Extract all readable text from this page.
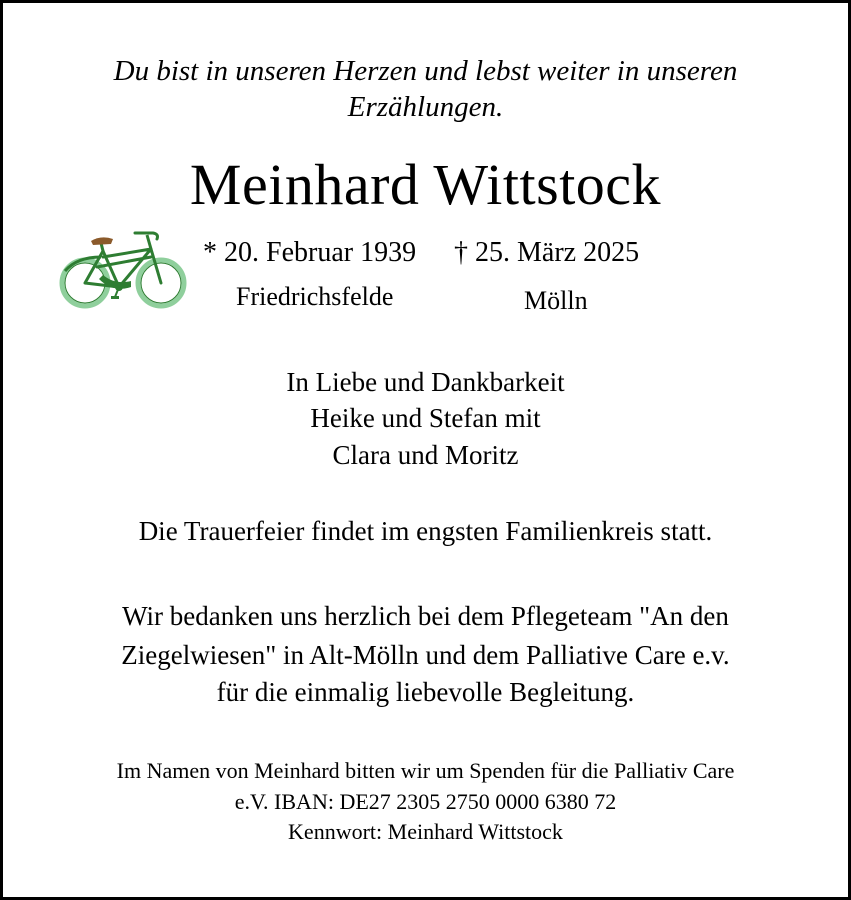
Du bist in unseren Herzen und lebst weiter in unseren
Erzählungen.
Meinhard Wittstock
* 20. Februar 1939 † 25. März 2025
Friedrichsfelde	Mölln
In Liebe und Dankbarkeit
Heike und Stefan mit
Clara und Moritz
Die Trauerfeier findet im engsten Familienkreis statt.
Wir bedanken uns herzlich bei dem Pflegeteam "An den
Ziegelwiesen" in Alt-Mölln und dem Palliative Care e.v.
für die einmalig liebevolle Begleitung.
Im Namen von Meinhard bitten wir um Spenden für die Palliativ Care
e.V. IBAN: DE27 2305 2750 0000 6380 72
Kennwort: Meinhard Wittstock
